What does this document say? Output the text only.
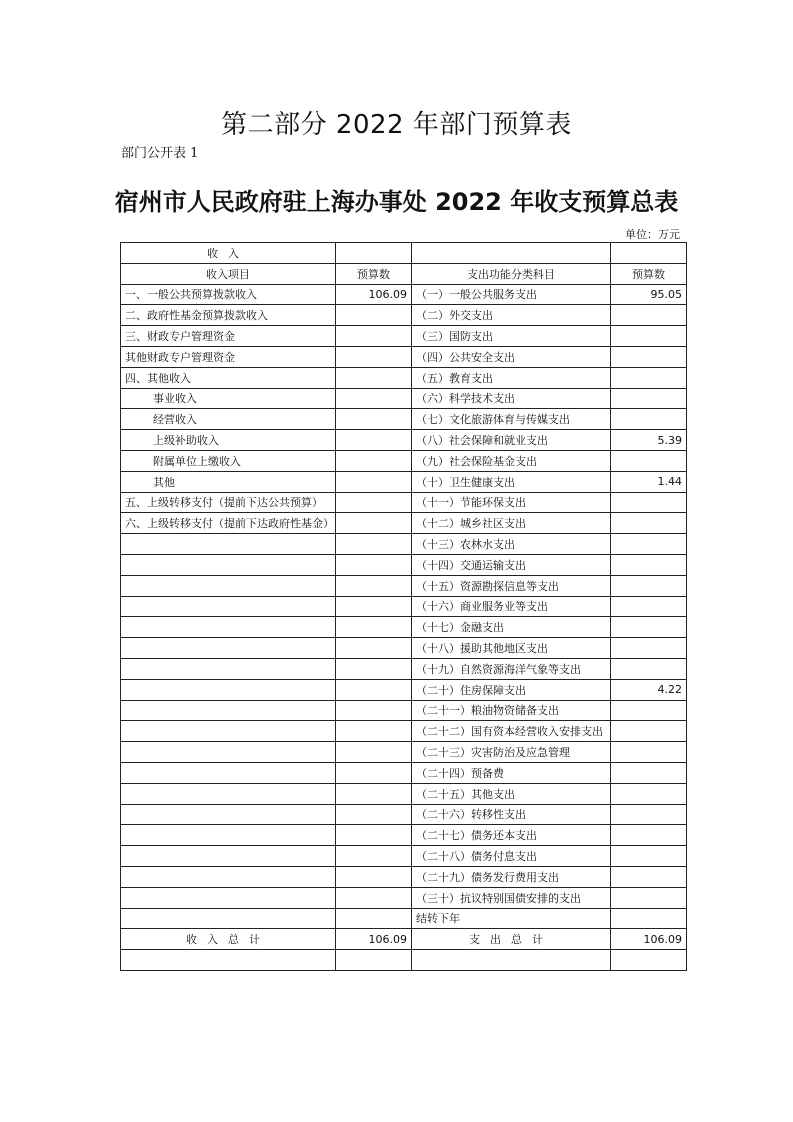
第二部分 2022 年部门预算表
部门公开表 1
宿州市人民政府驻上海办事处 2022 年收支预算总表
单位：万元
收入			
收入项目	预算数	支出功能分类科目	预算数
一、一般公共预算拨款收入	106.09	（一）一般公共服务支出	95.05
二、政府性基金预算拨款收入		（二）外交支出	
三、财政专户管理资金		（三）国防支出	
其他财政专户管理资金		（四）公共安全支出	
四、其他收入		（五）教育支出	
事业收入		（六）科学技术支出	
经营收入		（七）文化旅游体育与传媒支出	
上级补助收入		（八）社会保障和就业支出	5.39
附属单位上缴收入		（九）社会保险基金支出	
其他		（十）卫生健康支出	1.44
五、上级转移支付（提前下达公共预算）		（十一）节能环保支出	
六、上级转移支付（提前下达政府性基金）		（十二）城乡社区支出	
		（十三）农林水支出	
		（十四）交通运输支出	
		（十五）资源勘探信息等支出	
		（十六）商业服务业等支出	
		（十七）金融支出	
		（十八）援助其他地区支出	
		（十九）自然资源海洋气象等支出	
		（二十）住房保障支出	4.22
		（二十一）粮油物资储备支出	
		（二十二）国有资本经营收入安排支出	
		（二十三）灾害防治及应急管理	
		（二十四）预备费	
		（二十五）其他支出	
		（二十六）转移性支出	
		（二十七）债务还本支出	
		（二十八）债务付息支出	
		（二十九）债务发行费用支出	
		（三十）抗议特别国债安排的支出	
		结转下年	
收入总计	106.09	支出总计	106.09
